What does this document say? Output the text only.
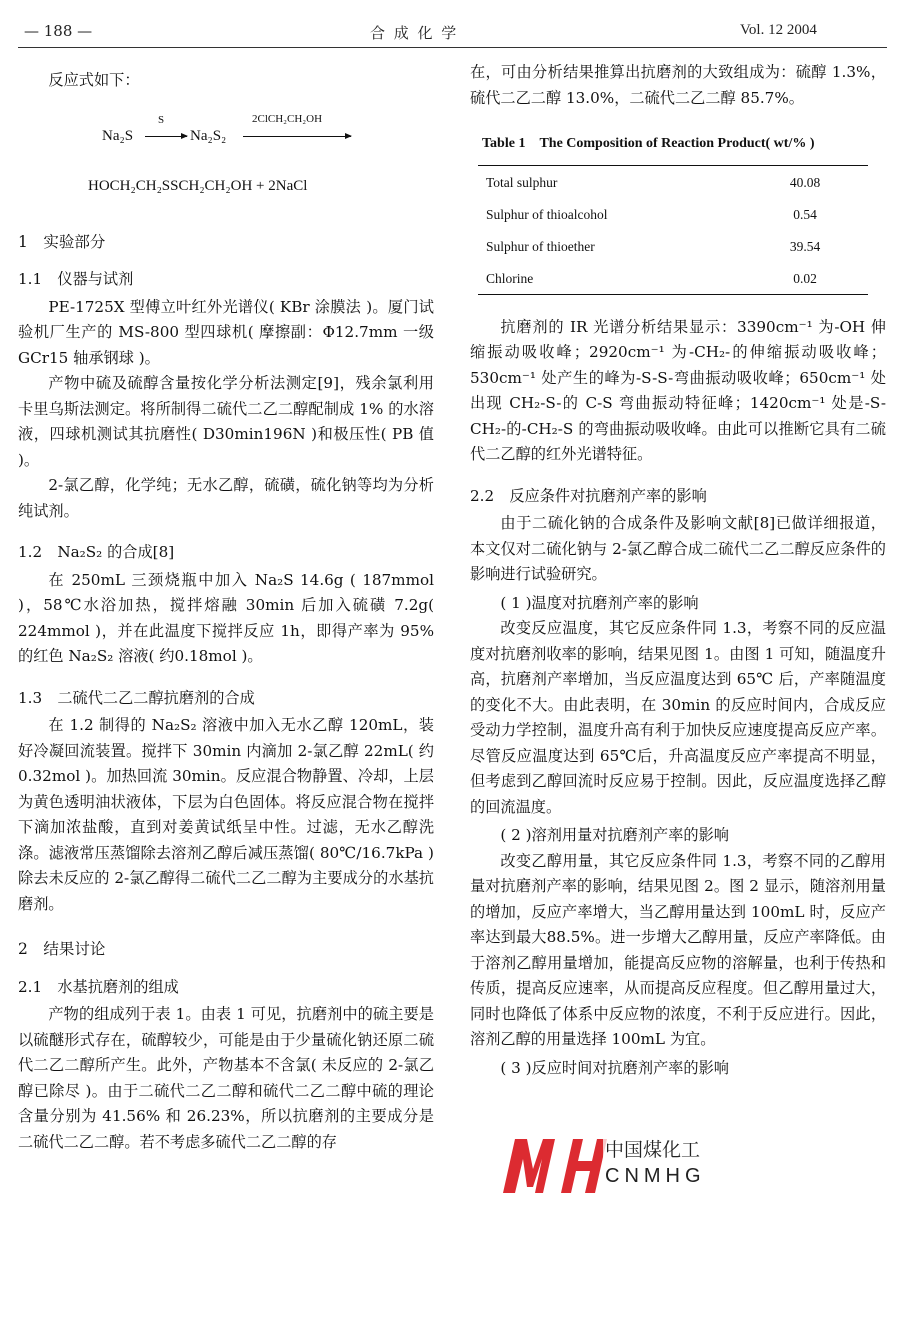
— 188 —	合 成 化 学	Vol. 12 2004

反应式如下：

Na₂S
S
Na₂S₂
2ClCH₂CH₂OH
HOCH₂CH₂SSCH₂CH₂OH + 2NaCl

1　实验部分

1.1　仪器与试剂

PE-1725X 型傅立叶红外光谱仪( KBr 涂膜法 )。厦门试验机厂生产的 MS-800 型四球机( 摩擦副：Φ12.7mm 一级 GCr15 轴承钢球 )。

产物中硫及硫醇含量按化学分析法测定[9]，残余氯利用卡里乌斯法测定。将所制得二硫代二乙二醇配制成 1% 的水溶液，四球机测试其抗磨性( D30min196N )和极压性( PB 值 )。

2-氯乙醇，化学纯；无水乙醇，硫磺，硫化钠等均为分析纯试剂。

1.2　Na₂S₂ 的合成[8]

在 250mL 三颈烧瓶中加入 Na₂S 14.6g ( 187mmol )，58℃水浴加热，搅拌熔融 30min 后加入硫磺 7.2g( 224mmol )，并在此温度下搅拌反应 1h，即得产率为 95% 的红色 Na₂S₂ 溶液( 约0.18mol )。

1.3　二硫代二乙二醇抗磨剂的合成

在 1.2 制得的 Na₂S₂ 溶液中加入无水乙醇 120mL，装好冷凝回流装置。搅拌下 30min 内滴加 2-氯乙醇 22mL( 约 0.32mol )。加热回流 30min。反应混合物静置、冷却，上层为黄色透明油状液体，下层为白色固体。将反应混合物在搅拌下滴加浓盐酸，直到对姜黄试纸呈中性。过滤，无水乙醇洗涤。滤液常压蒸馏除去溶剂乙醇后减压蒸馏( 80℃/16.7kPa )除去未反应的 2-氯乙醇得二硫代二乙二醇为主要成分的水基抗磨剂。

2　结果讨论

2.1　水基抗磨剂的组成

产物的组成列于表 1。由表 1 可见，抗磨剂中的硫主要是以硫醚形式存在，硫醇较少，可能是由于少量硫化钠还原二硫代二乙二醇所产生。此外，产物基本不含氯( 未反应的 2-氯乙醇已除尽 )。由于二硫代二乙二醇和硫代二乙二醇中硫的理论含量分别为 41.56% 和 26.23%，所以抗磨剂的主要成分是二硫代二乙二醇。若不考虑多硫代二乙二醇的存

在，可由分析结果推算出抗磨剂的大致组成为：硫醇 1.3%，硫代二乙二醇 13.0%，二硫代二乙二醇 85.7%。

Table 1　The Composition of Reaction Product( wt/% )
Total sulphur	40.08
Sulphur of thioalcohol	0.54
Sulphur of thioether	39.54
Chlorine	0.02

抗磨剂的 IR 光谱分析结果显示：3390cm⁻¹ 为-OH 伸缩振动吸收峰；2920cm⁻¹ 为-CH₂-的伸缩振动吸收峰；530cm⁻¹ 处产生的峰为-S-S-弯曲振动吸收峰；650cm⁻¹ 处出现 CH₂-S-的 C-S 弯曲振动特征峰；1420cm⁻¹ 处是-S-CH₂-的-CH₂-S 的弯曲振动吸收峰。由此可以推断它具有二硫代二乙醇的红外光谱特征。

2.2　反应条件对抗磨剂产率的影响

由于二硫化钠的合成条件及影响文献[8]已做详细报道，本文仅对二硫化钠与 2-氯乙醇合成二硫代二乙二醇反应条件的影响进行试验研究。

( 1 )温度对抗磨剂产率的影响

改变反应温度，其它反应条件同 1.3，考察不同的反应温度对抗磨剂收率的影响，结果见图 1。由图 1 可知，随温度升高，抗磨剂产率增加，当反应温度达到 65℃ 后，产率随温度的变化不大。由此表明，在 30min 的反应时间内，合成反应受动力学控制，温度升高有利于加快反应速度提高反应产率。尽管反应温度达到 65℃后，升高温度反应产率提高不明显，但考虑到乙醇回流时反应易于控制。因此，反应温度选择乙醇的回流温度。

( 2 )溶剂用量对抗磨剂产率的影响

改变乙醇用量，其它反应条件同 1.3，考察不同的乙醇用量对抗磨剂产率的影响，结果见图 2。图 2 显示，随溶剂用量的增加，反应产率增大，当乙醇用量达到 100mL 时，反应产率达到最大88.5%。进一步增大乙醇用量，反应产率降低。由于溶剂乙醇用量增加，能提高反应物的溶解量，也利于传热和传质，提高反应速率，从而提高反应程度。但乙醇用量过大，同时也降低了体系中反应物的浓度，不利于反应进行。因此，溶剂乙醇的用量选择 100mL 为宜。

( 3 )反应时间对抗磨剂产率的影响

中国煤化工
CNMHG
